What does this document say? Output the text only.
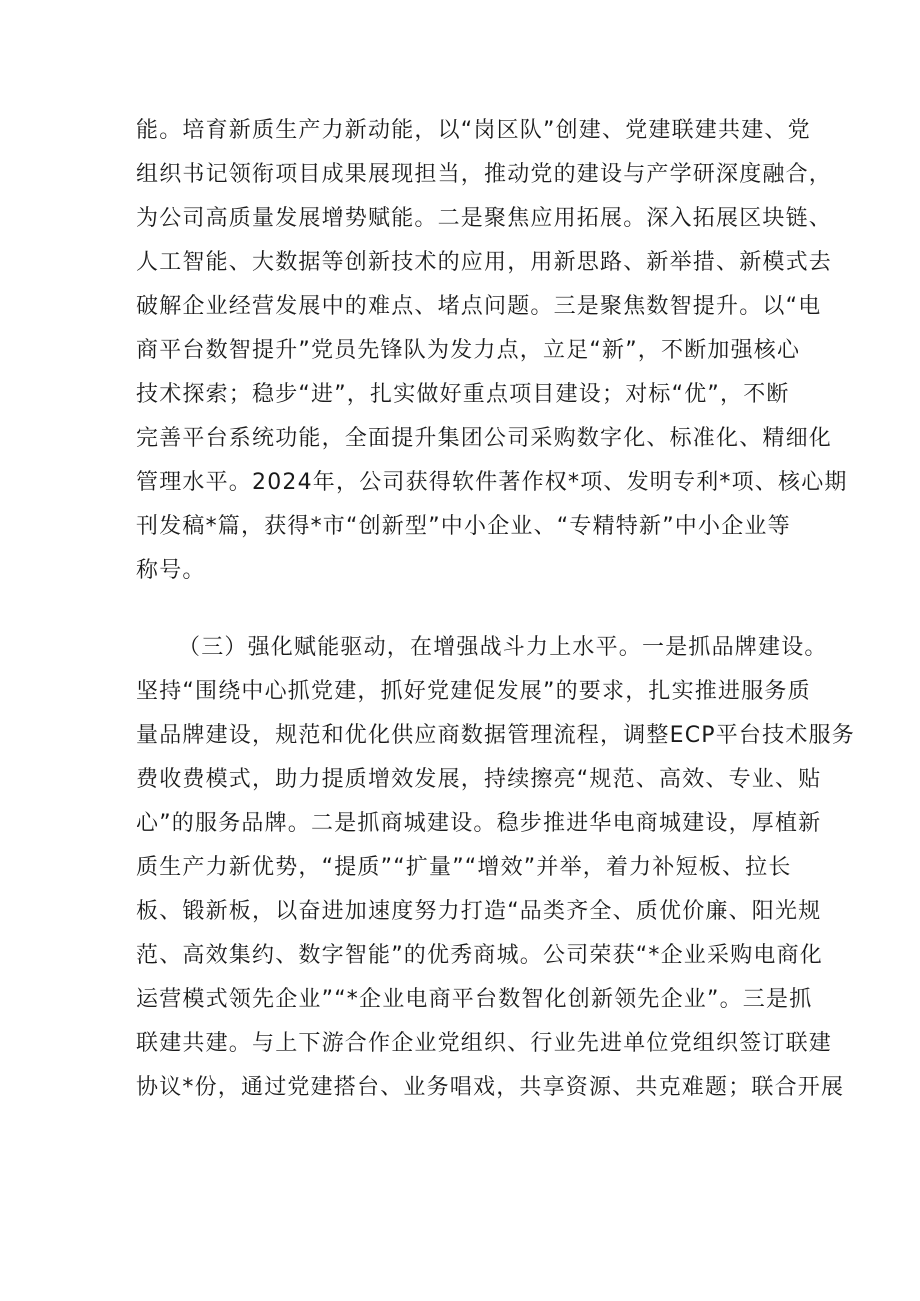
能。培育新质生产力新动能，以“岗区队”创建、党建联建共建、党
组织书记领衔项目成果展现担当，推动党的建设与产学研深度融合，
为公司高质量发展增势赋能。二是聚焦应用拓展。深入拓展区块链、
人工智能、大数据等创新技术的应用，用新思路、新举措、新模式去
破解企业经营发展中的难点、堵点问题。三是聚焦数智提升。以“电
商平台数智提升”党员先锋队为发力点，立足“新”，不断加强核心
技术探索；稳步“进”，扎实做好重点项目建设；对标“优”，不断
完善平台系统功能，全面提升集团公司采购数字化、标准化、精细化
管理水平。2024年，公司获得软件著作权*项、发明专利*项、核心期
刊发稿*篇，获得*市“创新型”中小企业、“专精特新”中小企业等
称号。
（三）强化赋能驱动，在增强战斗力上水平。一是抓品牌建设。
坚持“围绕中心抓党建，抓好党建促发展”的要求，扎实推进服务质
量品牌建设，规范和优化供应商数据管理流程，调整ECP平台技术服务
费收费模式，助力提质增效发展，持续擦亮“规范、高效、专业、贴
心”的服务品牌。二是抓商城建设。稳步推进华电商城建设，厚植新
质生产力新优势，“提质”“扩量”“增效”并举，着力补短板、拉长
板、锻新板，以奋进加速度努力打造“品类齐全、质优价廉、阳光规
范、高效集约、数字智能”的优秀商城。公司荣获“*企业采购电商化
运营模式领先企业”“*企业电商平台数智化创新领先企业”。三是抓
联建共建。与上下游合作企业党组织、行业先进单位党组织签订联建
协议*份，通过党建搭台、业务唱戏，共享资源、共克难题；联合开展
